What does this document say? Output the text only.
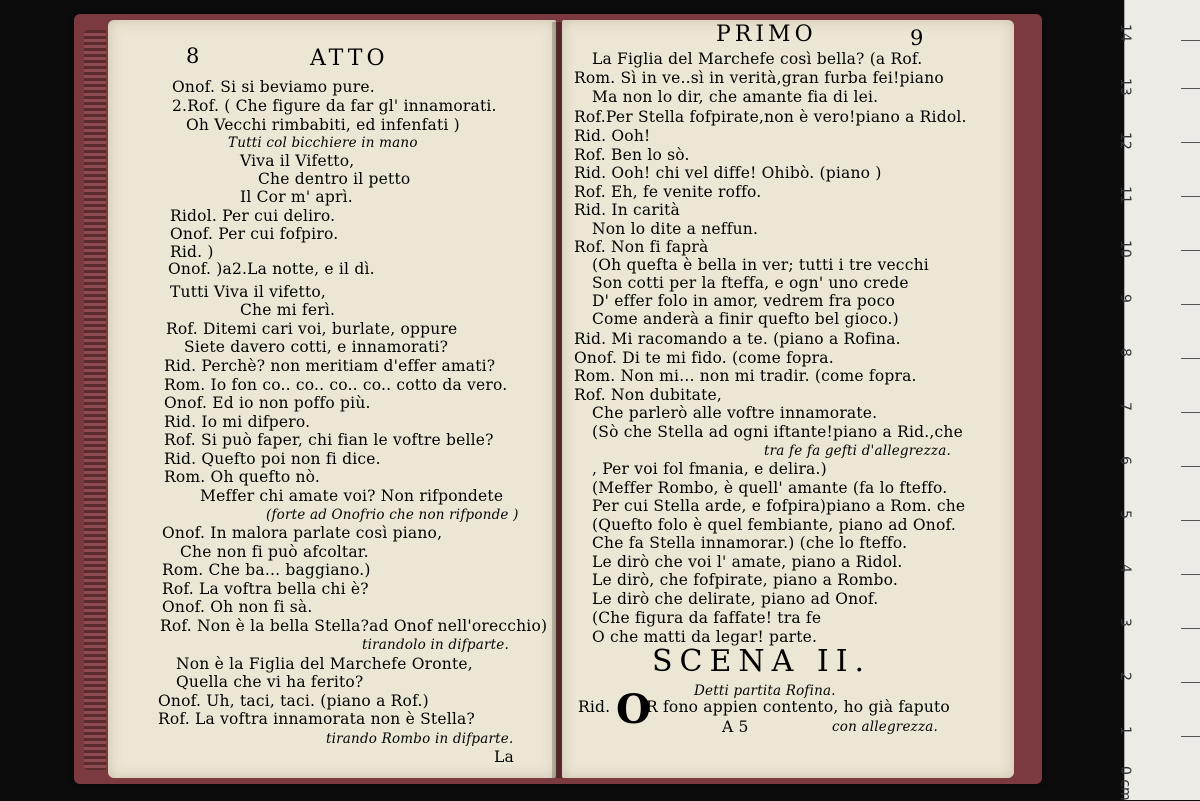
8	ATTO
Onof. Si si beviamo pure.
2.Rof. ( Che figure da far gl' innamorati.
Oh Vecchi rimbabiti, ed infenfati )
Tutti col bicchiere in mano
Viva il Vifetto,
Che dentro il petto
Il Cor m' aprì.
Ridol. Per cui deliro.
Onof. Per cui fofpiro.
Rid. )
Onof. )a2.La notte, e il dì.
Tutti Viva il vifetto,
Che mi ferì.
Rof. Ditemi cari voi, burlate, oppure
Siete davero cotti, e innamorati?
Rid. Perchè? non meritiam d'effer amati?
Rom. Io fon co.. co.. co.. co.. cotto da vero.
Onof. Ed io non poffo più.
Rid. Io mi difpero.
Rof. Si può faper, chi fian le voftre belle?
Rid. Quefto poi non fi dice.
Rom. Oh quefto nò.
Meffer chi amate voi? Non rifpondete
(forte ad Onofrio che non rifponde )
Onof. In malora parlate così piano,
Che non fi può afcoltar.
Rom. Che ba... baggiano.)
Rof. La voftra bella chi è?
Onof. Oh non fi sà.
Rof. Non è la bella Stella?ad Onof nell'orecchio)
tirandolo in difparte.
Non è la Figlia del Marchefe Oronte,
Quella che vi ha ferito?
Onof. Uh, taci, taci. (piano a Rof.)
Rof. La voftra innamorata non è Stella?
tirando Rombo in difparte.
La
PRIMO	9
La Figlia del Marchefe così bella? (a Rof.
Rom. Sì in ve..sì in verità,gran furba fei!piano
Ma non lo dir, che amante fia di lei.
Rof.Per Stella fofpirate,non è vero!piano a Ridol.
Rid. Ooh!
Rof. Ben lo sò.
Rid. Ooh! chi vel diffe! Ohibò. (piano )
Rof. Eh, fe venite roffo.
Rid. In carità
Non lo dite a neffun.
Rof. Non fi faprà
(Oh quefta è bella in ver; tutti i tre vecchi
Son cotti per la fteffa, e ogn' uno crede
D' effer folo in amor, vedrem fra poco
Come anderà a finir quefto bel gioco.)
Rid. Mi racomando a te. (piano a Rofina.
Onof. Di te mi fido. (come fopra.
Rom. Non mi... non mi tradir. (come fopra.
Rof. Non dubitate,
Che parlerò alle voftre innamorate.
(Sò che Stella ad ogni iftante!piano a Rid.,che
tra fe fa gefti d'allegrezza.
, Per voi fol fmania, e delira.)
(Meffer Rombo, è quell' amante (fa lo fteffo.
Per cui Stella arde, e fofpira)piano a Rom. che
(Quefto folo è quel fembiante, piano ad Onof.
Che fa Stella innamorar.) (che lo fteffo.
Le dirò che voi l' amate, piano a Ridol.
Le dirò, che fofpirate, piano a Rombo.
Le dirò che delirate, piano ad Onof.
(Che figura da faffate! tra fe
O che matti da legar! parte.
SCENA II.
Detti partita Rofina.
Rid. O
R fono appien contento, ho già faputo
A 5	con allegrezza.
0 cm
1
2
3
4
5
6
7
8
9
10
11
12
13
14
